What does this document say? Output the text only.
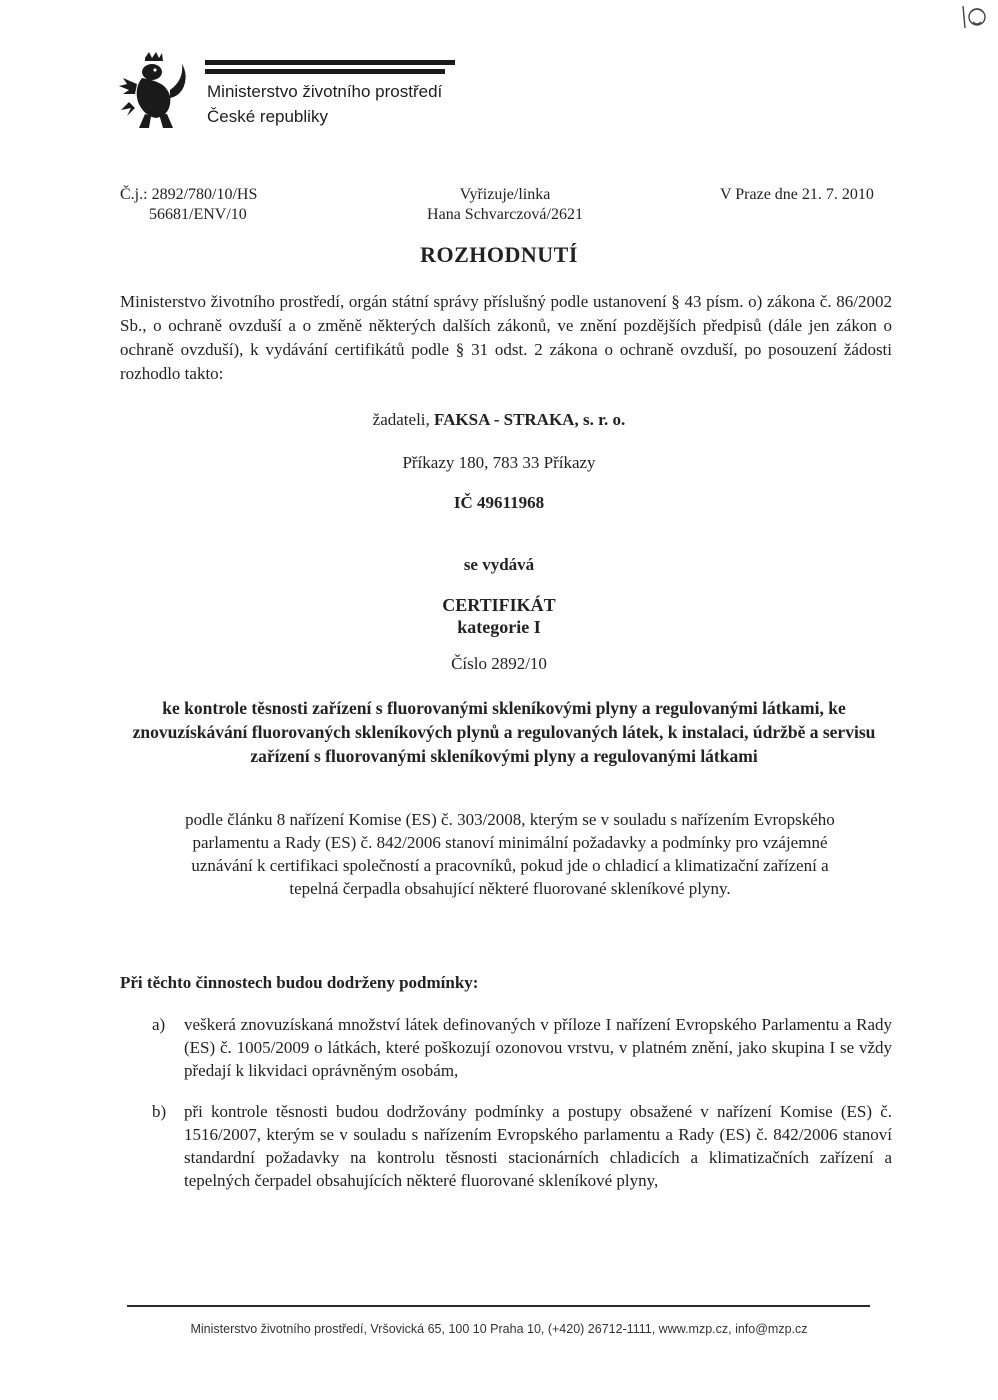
Ministerstvo životního prostředí
České republiky
Č.j.: 2892/780/10/HS
56681/ENV/10
Vyřizuje/linka
Hana Schvarczová/2621
V Praze dne 21. 7. 2010
ROZHODNUTÍ
Ministerstvo životního prostředí, orgán státní správy příslušný podle ustanovení § 43 písm. o) zákona č. 86/2002 Sb., o ochraně ovzduší a o změně některých dalších zákonů, ve znění pozdějších předpisů (dále jen zákon o ochraně ovzduší), k vydávání certifikátů podle § 31 odst. 2 zákona o ochraně ovzduší, po posouzení žádosti rozhodlo takto:
žadateli, FAKSA - STRAKA, s. r. o.
Příkazy 180, 783 33 Příkazy
IČ 49611968
se vydává
CERTIFIKÁT
kategorie I
Číslo 2892/10
ke kontrole těsnosti zařízení s fluorovanými skleníkovými plyny a regulovanými látkami, ke znovuzískávání fluorovaných skleníkových plynů a regulovaných látek, k instalaci, údržbě a servisu zařízení s fluorovanými skleníkovými plyny a regulovanými látkami
podle článku 8 nařízení Komise (ES) č. 303/2008, kterým se v souladu s nařízením Evropského parlamentu a Rady (ES) č. 842/2006 stanoví minimální požadavky a podmínky pro vzájemné uznávání k certifikaci společností a pracovníků, pokud jde o chladicí a klimatizační zařízení a tepelná čerpadla obsahující některé fluorované skleníkové plyny.
Při těchto činnostech budou dodrženy podmínky:
a) veškerá znovuzískaná množství látek definovaných v příloze I nařízení Evropského Parlamentu a Rady (ES) č. 1005/2009 o látkách, které poškozují ozonovou vrstvu, v platném znění, jako skupina I se vždy předají k likvidaci oprávněným osobám,
b) při kontrole těsnosti budou dodržovány podmínky a postupy obsažené v nařízení Komise (ES) č. 1516/2007, kterým se v souladu s nařízením Evropského parlamentu a Rady (ES) č. 842/2006 stanoví standardní požadavky na kontrolu těsnosti stacionárních chladicích a klimatizačních zařízení a tepelných čerpadel obsahujících některé fluorované skleníkové plyny,
Ministerstvo životního prostředí, Vršovická 65, 100 10 Praha 10, (+420) 26712-1111, www.mzp.cz, info@mzp.cz
